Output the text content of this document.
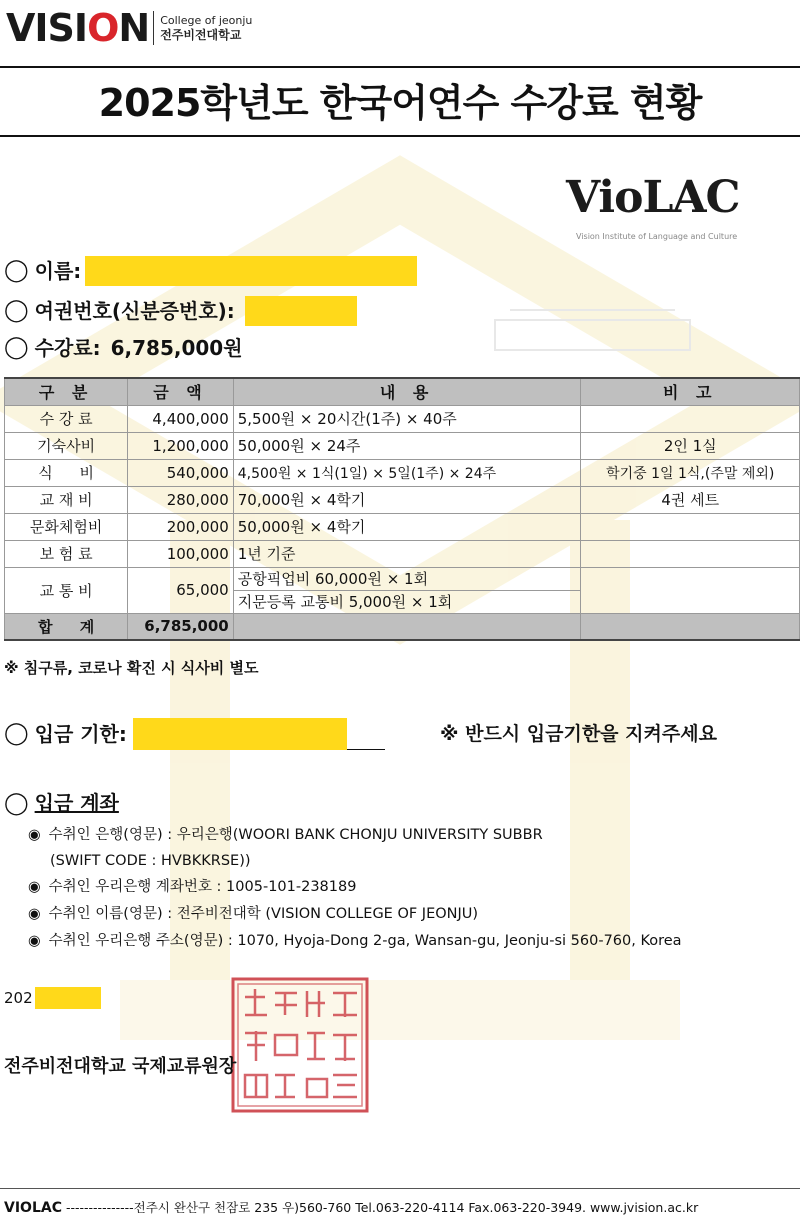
VISION College of jeonju
전주비전대학교
2025학년도 한국어연수 수강료 현황
VioLAC
Vision Institute of Language and Culture
◯ 이름:
◯ 여권번호(신분증번호):
◯ 수강료: 6,785,000원
구 분	금 액	내 용	비 고
수 강 료	4,400,000	5,500원 × 20시간(1주) × 40주	
기숙사비	1,200,000	50,000원 × 24주	2인 1실
식 비	540,000	4,500원 × 1식(1일) × 5일(1주) × 24주	학기중 1일 1식,(주말 제외)
교 재 비	280,000	70,000원 × 4학기	4권 세트
문화체험비	200,000	50,000원 × 4학기	
보 험 료	100,000	1년 기준	
교 통 비	65,000	공항픽업비 60,000원 × 1회	
		지문등록 교통비 5,000원 × 1회	
합 계	6,785,000		
※ 침구류, 코로나 확진 시 식사비 별도
◯ 입금 기한:	※ 반드시 입금기한을 지켜주세요
◯ 입금 계좌
◉ 수취인 은행(영문) : 우리은행(WOORI BANK CHONJU UNIVERSITY SUBBR
(SWIFT CODE : HVBKKRSE))
◉ 수취인 우리은행 계좌번호 : 1005-101-238189
◉ 수취인 이름(영문) : 전주비전대학 (VISION COLLEGE OF JEONJU)
◉ 수취인 우리은행 주소(영문) : 1070, Hyoja-Dong 2-ga, Wansan-gu, Jeonju-si 560-760, Korea
202
전주비전대학교 국제교류원장
VIOLAC ---------------전주시 완산구 천잠로 235 우)560-760 Tel.063-220-4114 Fax.063-220-3949. www.jvision.ac.kr
